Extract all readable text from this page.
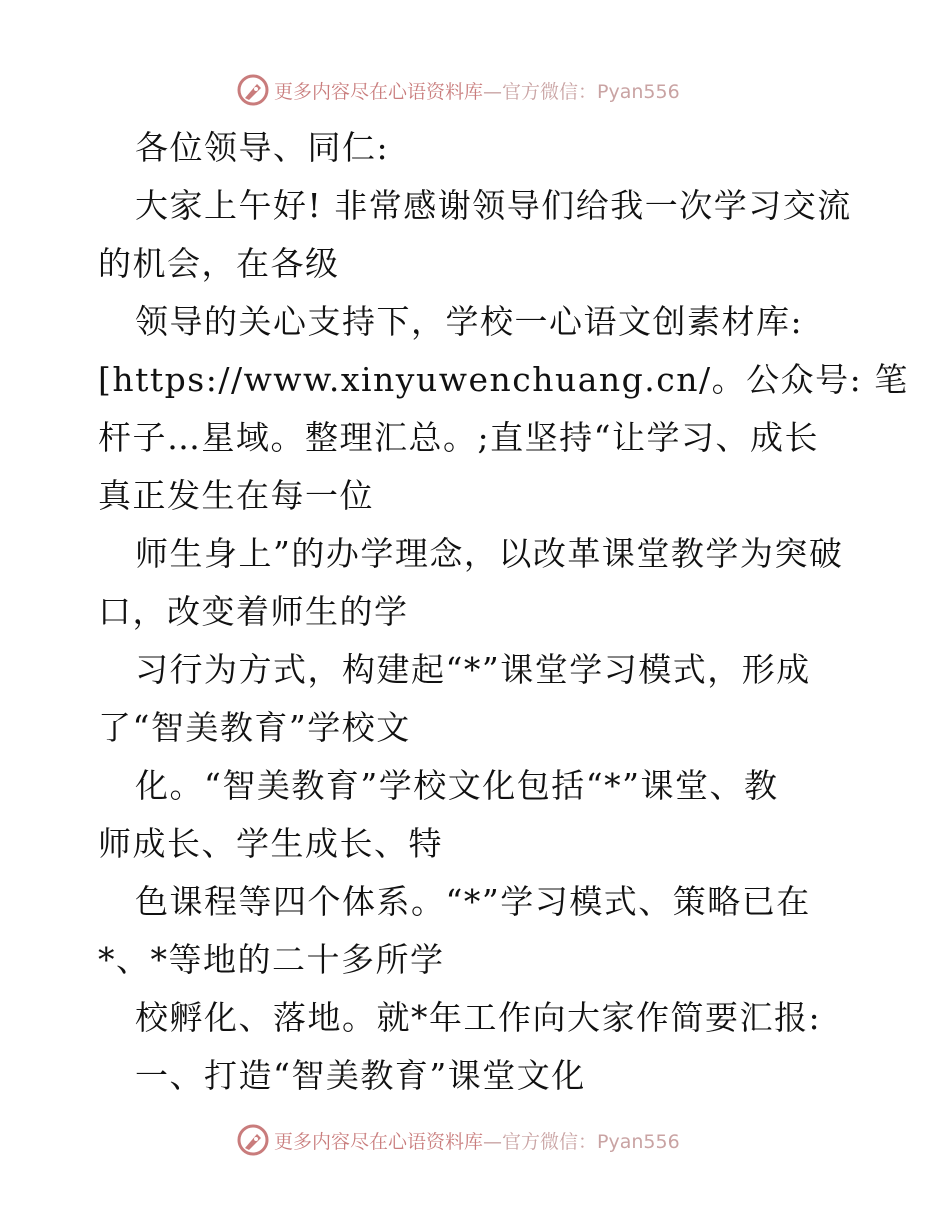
更多内容尽在心语资料库—官方微信：Pyan556
各位领导、同仁:
大家上午好! 非常感谢领导们给我一次学习交流
的机会，在各级
领导的关心支持下，学校一心语文创素材库:
[https://www.xinyuwenchuang.cn/。公众号: 笔
杆子…星域。整理汇总。;直坚持“让学习、成长
真正发生在每一位
师生身上”的办学理念，以改革课堂教学为突破
口，改变着师生的学
习行为方式，构建起“*”课堂学习模式，形成
了“智美教育”学校文
化。“智美教育”学校文化包括“*”课堂、教
师成长、学生成长、特
色课程等四个体系。“*”学习模式、策略已在
*、*等地的二十多所学
校孵化、落地。就*年工作向大家作简要汇报:
一、打造“智美教育”课堂文化
更多内容尽在心语资料库—官方微信：Pyan556
